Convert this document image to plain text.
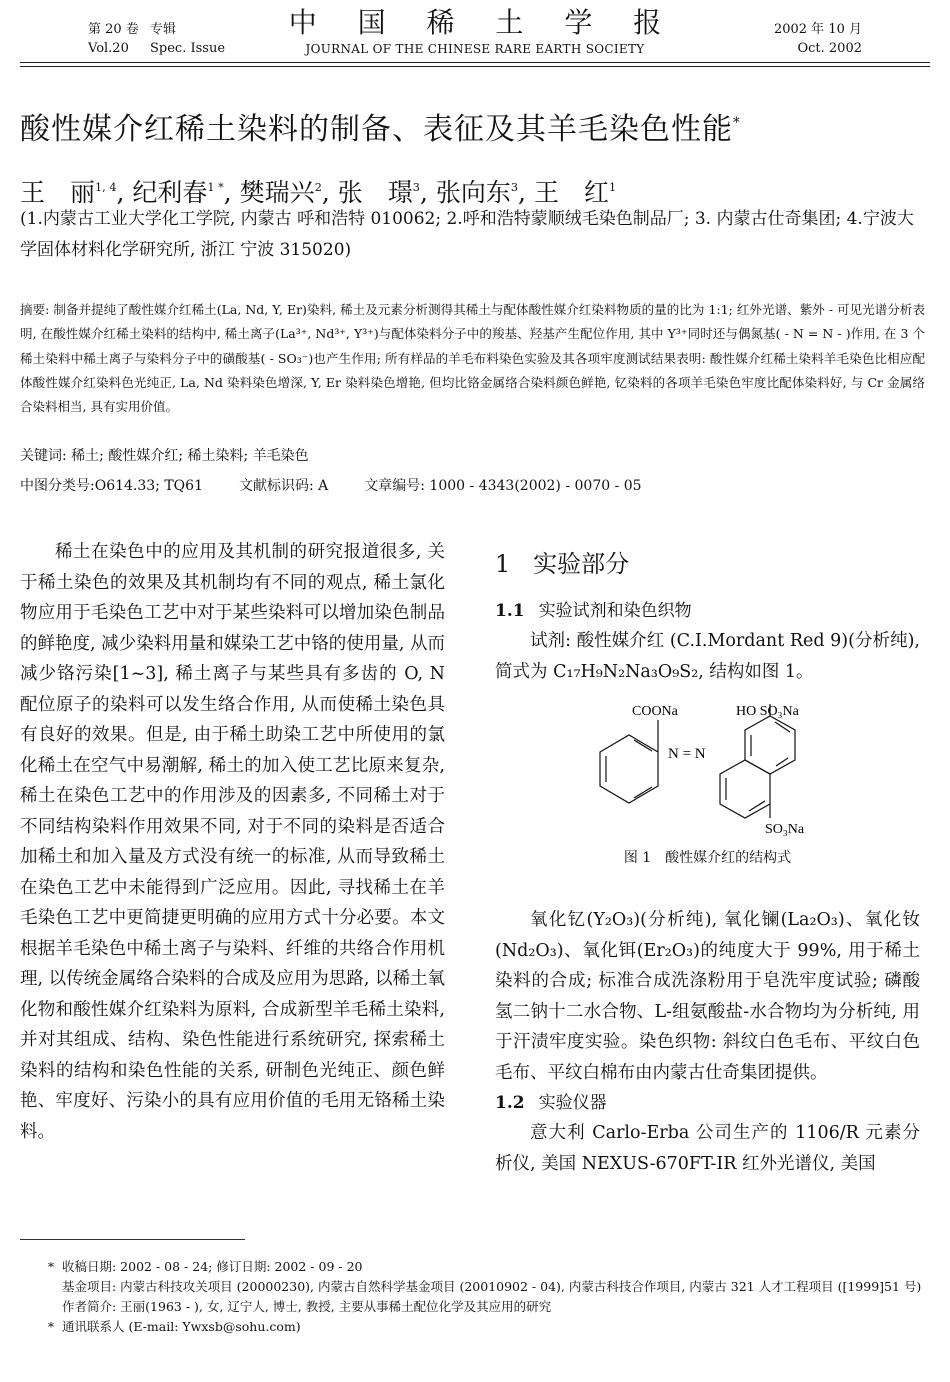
第 20 卷 专辑
Vol.20 Spec. Issue
中 国 稀 土 学 报
JOURNAL OF THE CHINESE RARE EARTH SOCIETY
2002 年 10 月
Oct. 2002
酸性媒介红稀土染料的制备、表征及其羊毛染色性能*
王　丽$^{1, 4}$, 纪利春$^{1 *}$, 樊瑞兴$^2$, 张　璟$^3$, 张向东$^3$, 王　红$^1$
(1.内蒙古工业大学化工学院, 内蒙古 呼和浩特 010062; 2.呼和浩特蒙顺绒毛染色制品厂; 3. 内蒙古仕奇集团; 4.宁波大学固体材料化学研究所, 浙江 宁波 315020)
摘要: 制备并提纯了酸性媒介红稀土(La, Nd, Y, Er)染料, 稀土及元素分析测得其稀土与配体酸性媒介红染料物质的量的比为 1:1; 红外光谱、紫外 - 可见光谱分析表明, 在酸性媒介红稀土染料的结构中, 稀土离子(La³⁺, Nd³⁺, Y³⁺)与配体染料分子中的羧基、羟基产生配位作用, 其中 Y³⁺同时还与偶氮基( - N = N - )作用, 在 3 个稀土染料中稀土离子与染料分子中的磺酸基( - SO₃⁻)也产生作用; 所有样品的羊毛布料染色实验及其各项牢度测试结果表明: 酸性媒介红稀土染料羊毛染色比相应配体酸性媒介红染料色光纯正, La, Nd 染料染色增深, Y, Er 染料染色增艳, 但均比铬金属络合染料颜色鲜艳, 钇染料的各项羊毛染色牢度比配体染料好, 与 Cr 金属络合染料相当, 具有实用价值。
关键词: 稀土; 酸性媒介红; 稀土染料; 羊毛染色
中图分类号:O614.33; TQ61	文献标识码: A	文章编号: 1000 - 4343(2002) - 0070 - 05

稀土在染色中的应用及其机制的研究报道很多, 关于稀土染色的效果及其机制均有不同的观点, 稀土氯化物应用于毛染色工艺中对于某些染料可以增加染色制品的鲜艳度, 减少染料用量和媒染工艺中铬的使用量, 从而减少铬污染[1~3], 稀土离子与某些具有多齿的 O, N 配位原子的染料可以发生络合作用, 从而使稀土染色具有良好的效果。但是, 由于稀土助染工艺中所使用的氯化稀土在空气中易潮解, 稀土的加入使工艺比原来复杂, 稀土在染色工艺中的作用涉及的因素多, 不同稀土对于不同结构染料作用效果不同, 对于不同的染料是否适合加稀土和加入量及方式没有统一的标准, 从而导致稀土在染色工艺中未能得到广泛应用。因此, 寻找稀土在羊毛染色工艺中更简捷更明确的应用方式十分必要。本文根据羊毛染色中稀土离子与染料、纤维的共络合作用机理, 以传统金属络合染料的合成及应用为思路, 以稀土氧化物和酸性媒介红染料为原料, 合成新型羊毛稀土染料, 并对其组成、结构、染色性能进行系统研究, 探索稀土染料的结构和染色性能的关系, 研制色光纯正、颜色鲜艳、牢度好、污染小的具有应用价值的毛用无铬稀土染料。

1 实验部分
1.1 实验试剂和染色织物

试剂: 酸性媒介红 (C.I.Mordant Red 9)(分析纯), 简式为 C₁₇H₉N₂Na₃O₉S₂, 结构如图 1。

COONa	HO SO₃Na
N = N
SO₃Na
图 1　酸性媒介红的结构式

氧化钇(Y₂O₃)(分析纯), 氧化镧(La₂O₃)、氧化钕(Nd₂O₃)、氧化铒(Er₂O₃)的纯度大于 99%, 用于稀土染料的合成; 标准合成洗涤粉用于皂洗牢度试验; 磷酸氢二钠十二水合物、L-组氨酸盐-水合物均为分析纯, 用于汗渍牢度实验。染色织物: 斜纹白色毛布、平纹白色毛布、平纹白棉布由内蒙古仕奇集团提供。

1.2 实验仪器

意大利 Carlo-Erba 公司生产的 1106/R 元素分析仪, 美国 NEXUS-670FT-IR 红外光谱仪, 美国

* 收稿日期: 2002 - 08 - 24; 修订日期: 2002 - 09 - 20
基金项目: 内蒙古科技攻关项目 (20000230), 内蒙古自然科学基金项目 (20010902 - 04), 内蒙古科技合作项目, 内蒙古 321 人才工程项目 ([1999]51 号)
作者简介: 王丽(1963 - ), 女, 辽宁人, 博士, 教授, 主要从事稀土配位化学及其应用的研究
* 通讯联系人 (E-mail: Ywxsb@sohu.com)
